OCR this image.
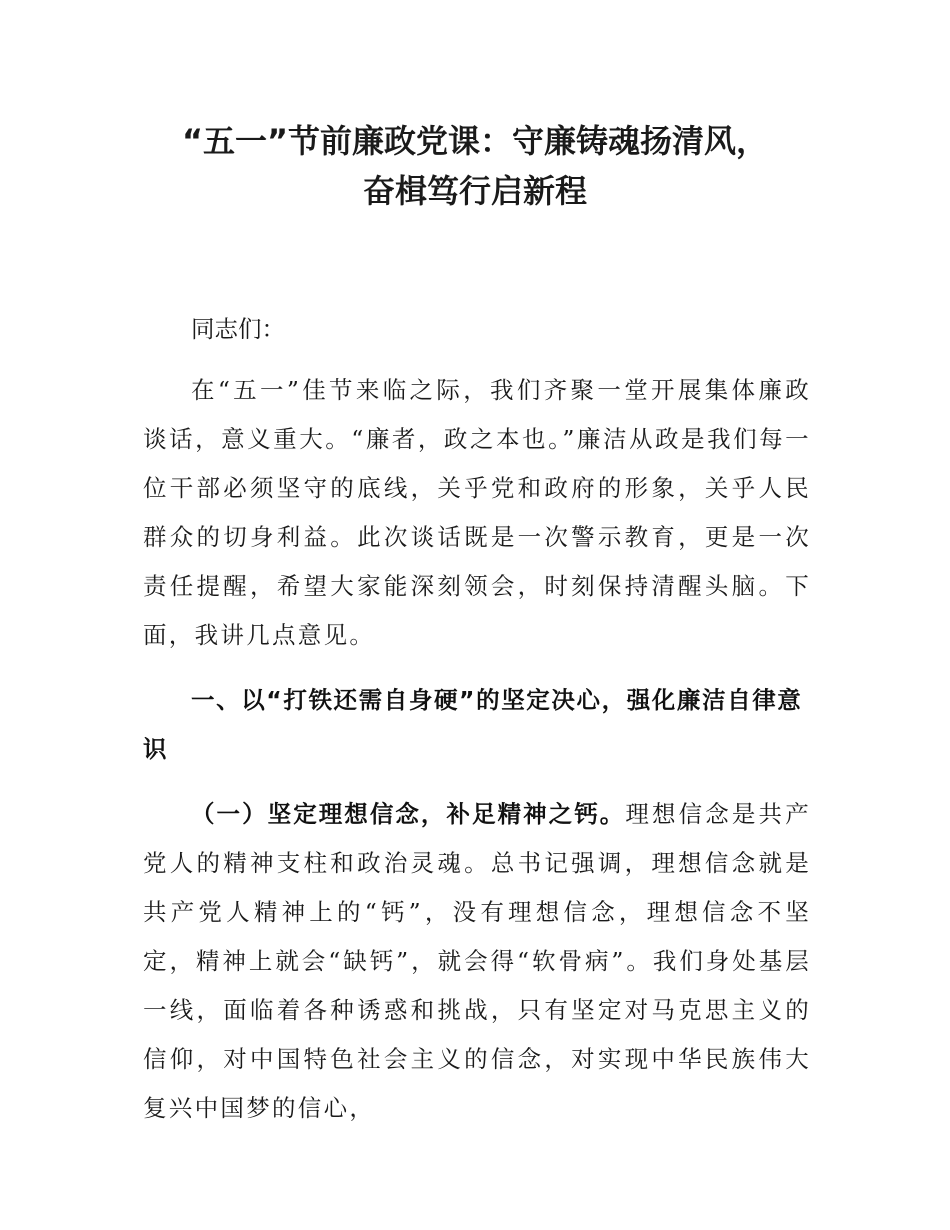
“五一”节前廉政党课：守廉铸魂扬清风，
奋楫笃行启新程
同志们：

在“五一”佳节来临之际，我们齐聚一堂开展集体廉政谈话，意义重大。“廉者，政之本也。”廉洁从政是我们每一位干部必须坚守的底线，关乎党和政府的形象，关乎人民群众的切身利益。此次谈话既是一次警示教育，更是一次责任提醒，希望大家能深刻领会，时刻保持清醒头脑。下面，我讲几点意见。

一、以“打铁还需自身硬”的坚定决心，强化廉洁自律意识

（一）坚定理想信念，补足精神之钙。理想信念是共产党人的精神支柱和政治灵魂。总书记强调，理想信念就是共产党人精神上的“钙”，没有理想信念，理想信念不坚定，精神上就会“缺钙”，就会得“软骨病”。我们身处基层一线，面临着各种诱惑和挑战，只有坚定对马克思主义的信仰，对中国特色社会主义的信念，对实现中华民族伟大复兴中国梦的信心，
